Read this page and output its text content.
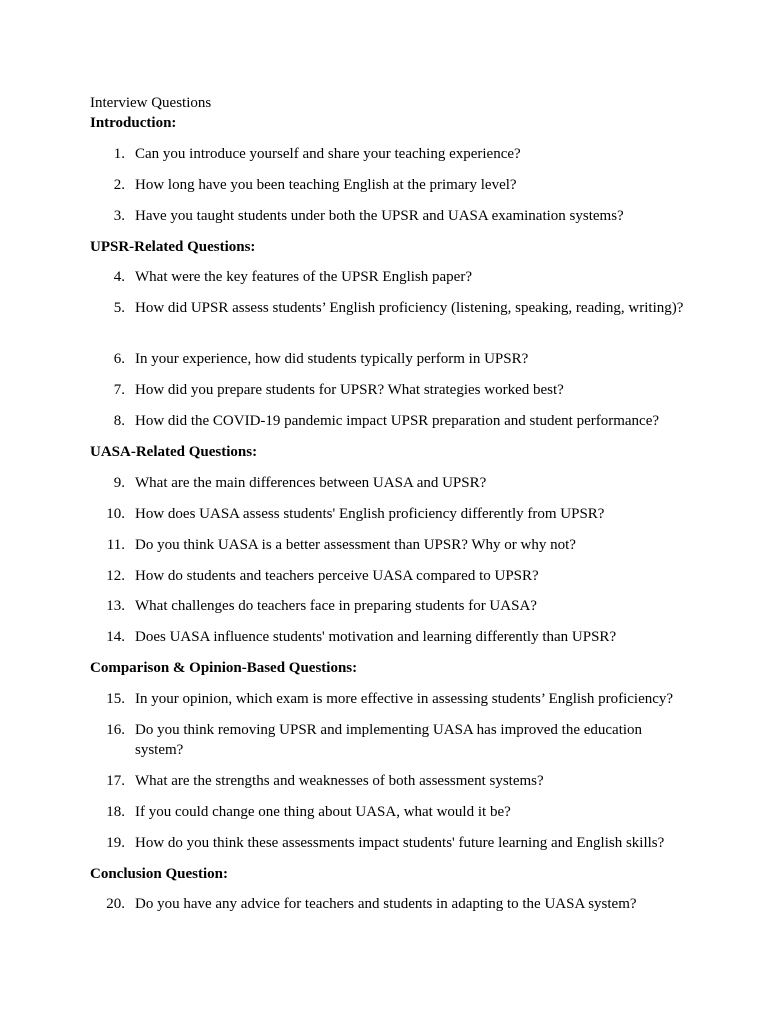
Interview Questions
Introduction:
1. Can you introduce yourself and share your teaching experience?
2. How long have you been teaching English at the primary level?
3. Have you taught students under both the UPSR and UASA examination systems?
UPSR-Related Questions:
4. What were the key features of the UPSR English paper?
5. How did UPSR assess students’ English proficiency (listening, speaking, reading, writing)?
6. In your experience, how did students typically perform in UPSR?
7. How did you prepare students for UPSR? What strategies worked best?
8. How did the COVID-19 pandemic impact UPSR preparation and student performance?
UASA-Related Questions:
9. What are the main differences between UASA and UPSR?
10. How does UASA assess students' English proficiency differently from UPSR?
11. Do you think UASA is a better assessment than UPSR? Why or why not?
12. How do students and teachers perceive UASA compared to UPSR?
13. What challenges do teachers face in preparing students for UASA?
14. Does UASA influence students' motivation and learning differently than UPSR?
Comparison & Opinion-Based Questions:
15. In your opinion, which exam is more effective in assessing students’ English proficiency?
16. Do you think removing UPSR and implementing UASA has improved the education system?
17. What are the strengths and weaknesses of both assessment systems?
18. If you could change one thing about UASA, what would it be?
19. How do you think these assessments impact students' future learning and English skills?
Conclusion Question:
20. Do you have any advice for teachers and students in adapting to the UASA system?
